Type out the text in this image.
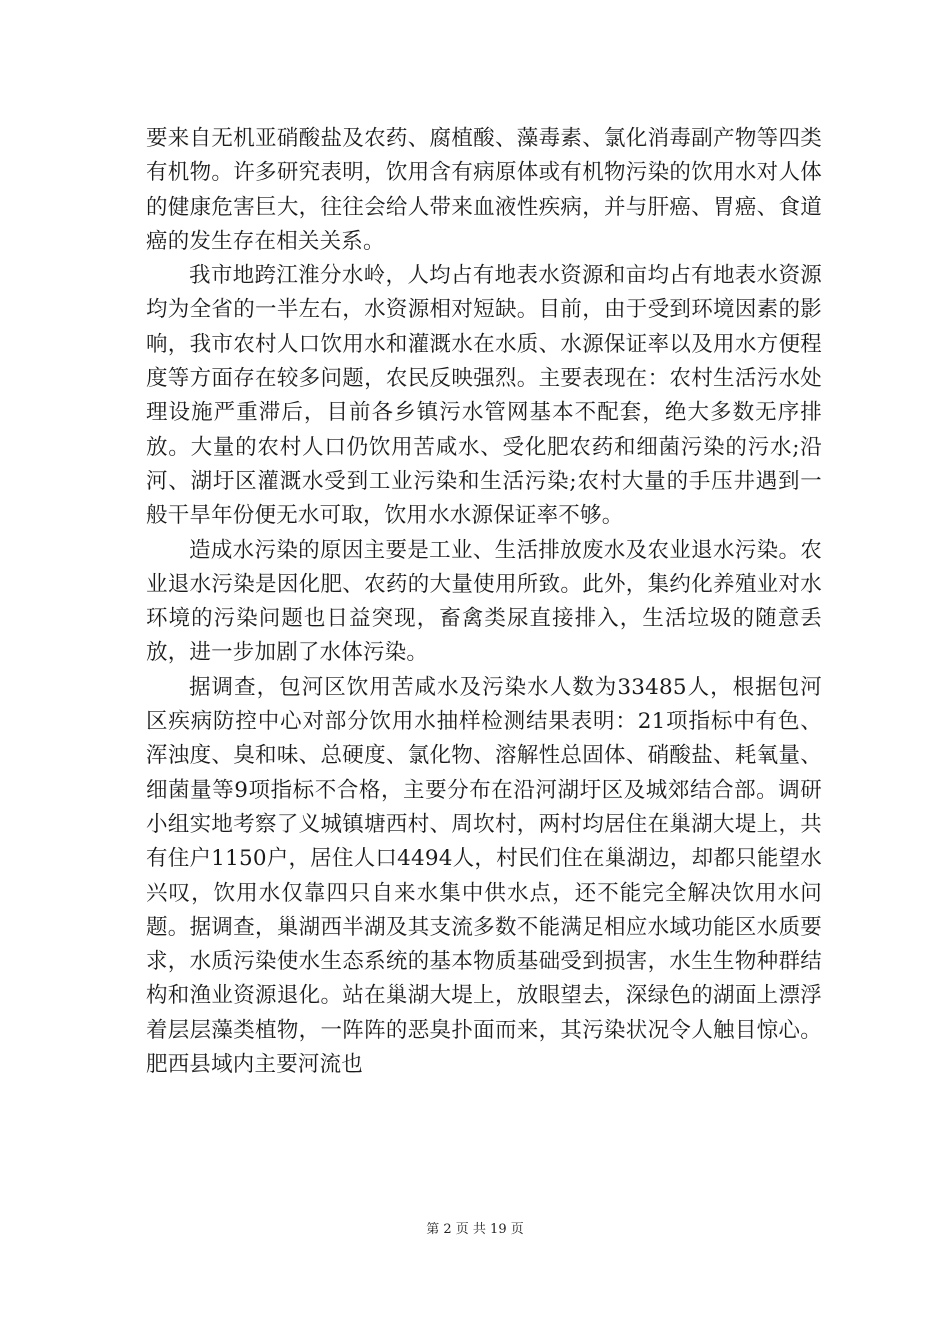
要来自无机亚硝酸盐及农药、腐植酸、藻毒素、氯化消毒副产物等四类有机物。许多研究表明，饮用含有病原体或有机物污染的饮用水对人体的健康危害巨大，往往会给人带来血液性疾病，并与肝癌、胃癌、食道癌的发生存在相关关系。

我市地跨江淮分水岭，人均占有地表水资源和亩均占有地表水资源均为全省的一半左右，水资源相对短缺。目前，由于受到环境因素的影响，我市农村人口饮用水和灌溉水在水质、水源保证率以及用水方便程度等方面存在较多问题，农民反映强烈。主要表现在：农村生活污水处理设施严重滞后，目前各乡镇污水管网基本不配套，绝大多数无序排放。大量的农村人口仍饮用苦咸水、受化肥农药和细菌污染的污水;沿河、湖圩区灌溉水受到工业污染和生活污染;农村大量的手压井遇到一般干旱年份便无水可取，饮用水水源保证率不够。

造成水污染的原因主要是工业、生活排放废水及农业退水污染。农业退水污染是因化肥、农药的大量使用所致。此外，集约化养殖业对水环境的污染问题也日益突现，畜禽类尿直接排入，生活垃圾的随意丢放，进一步加剧了水体污染。

据调查，包河区饮用苦咸水及污染水人数为33485人，根据包河区疾病防控中心对部分饮用水抽样检测结果表明：21项指标中有色、浑浊度、臭和味、总硬度、氯化物、溶解性总固体、硝酸盐、耗氧量、细菌量等9项指标不合格，主要分布在沿河湖圩区及城郊结合部。调研小组实地考察了义城镇塘西村、周坎村，两村均居住在巢湖大堤上，共有住户1150户，居住人口4494人，村民们住在巢湖边，却都只能望水兴叹，饮用水仅靠四只自来水集中供水点，还不能完全解决饮用水问题。据调查，巢湖西半湖及其支流多数不能满足相应水域功能区水质要求，水质污染使水生态系统的基本物质基础受到损害，水生生物种群结构和渔业资源退化。站在巢湖大堤上，放眼望去，深绿色的湖面上漂浮着层层藻类植物，一阵阵的恶臭扑面而来，其污染状况令人触目惊心。肥西县域内主要河流也

第 2 页 共 19 页
